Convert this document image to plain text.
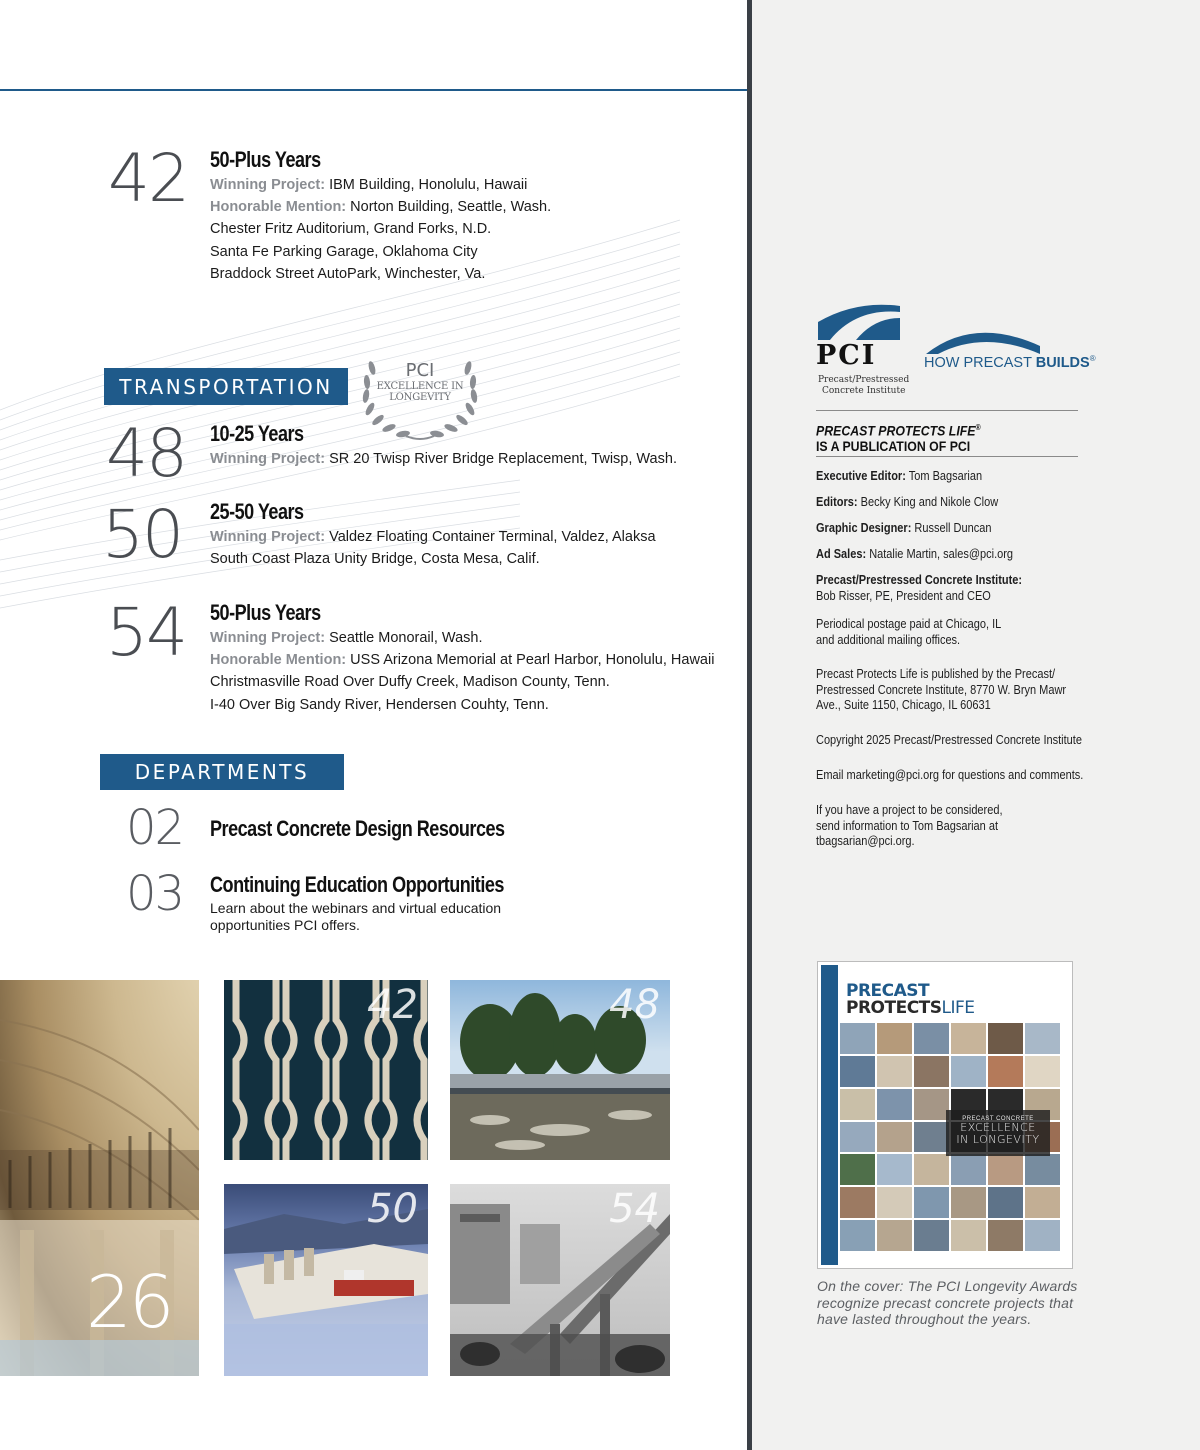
42 50-Plus Years
Winning Project: IBM Building, Honolulu, Hawaii
Honorable Mention: Norton Building, Seattle, Wash.
Chester Fritz Auditorium, Grand Forks, N.D.
Santa Fe Parking Garage, Oklahoma City
Braddock Street AutoPark, Winchester, Va.
TRANSPORTATION
PCI
EXCELLENCE IN
LONGEVITY
48 10-25 Years
Winning Project: SR 20 Twisp River Bridge Replacement, Twisp, Wash.
50 25-50 Years
Winning Project: Valdez Floating Container Terminal, Valdez, Alaksa
South Coast Plaza Unity Bridge, Costa Mesa, Calif.
54 50-Plus Years
Winning Project: Seattle Monorail, Wash.
Honorable Mention: USS Arizona Memorial at Pearl Harbor, Honolulu, Hawaii
Christmasville Road Over Duffy Creek, Madison County, Tenn.
I-40 Over Big Sandy River, Hendersen Couhty, Tenn.
DEPARTMENTS
02 Precast Concrete Design Resources
03 Continuing Education Opportunities
Learn about the webinars and virtual education
opportunities PCI offers.
26
42	48
50	54
PCI
Precast/Prestressed
Concrete Institute
HOW PRECAST BUILDS®
PRECAST PROTECTS LIFE®
IS A PUBLICATION OF PCI
Executive Editor: Tom Bagsarian
Editors: Becky King and Nikole Clow
Graphic Designer: Russell Duncan
Ad Sales: Natalie Martin, sales@pci.org
Precast/Prestressed Concrete Institute:
Bob Risser, PE, President and CEO
Periodical postage paid at Chicago, IL
and additional mailing offices.
Precast Protects Life is published by the Precast/
Prestressed Concrete Institute, 8770 W. Bryn Mawr
Ave., Suite 1150, Chicago, IL 60631
Copyright 2025 Precast/Prestressed Concrete Institute
Email marketing@pci.org for questions and comments.
If you have a project to be considered,
send information to Tom Bagsarian at
tbagsarian@pci.org.
PRECAST
PROTECTSLIFE
PRECAST CONCRETE
EXCELLENCE
IN LONGEVITY
On the cover: The PCI Longevity Awards
recognize precast concrete projects that
have lasted throughout the years.
